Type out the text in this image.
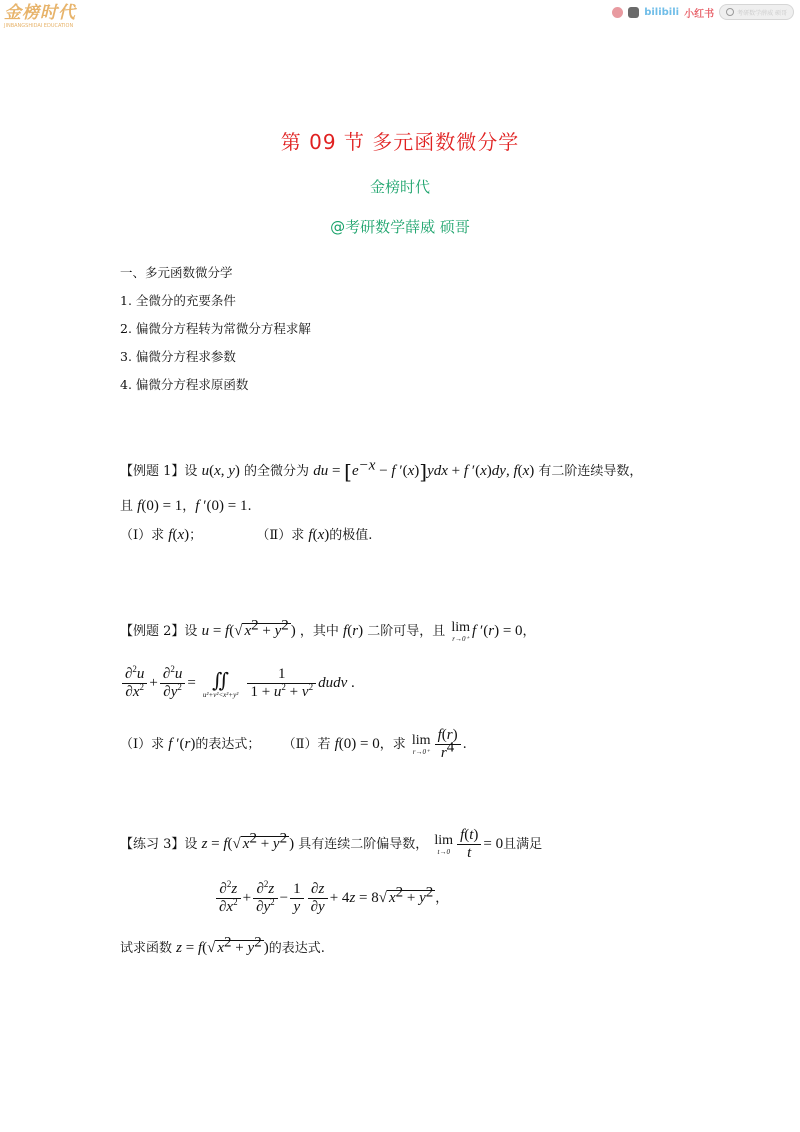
金榜时代
JINBANGSHIDAI EDUCATION
bilibili 小红书	考研数学薛威 硕哥
第 09 节 多元函数微分学
金榜时代
@考研数学薛威 硕哥
一、多元函数微分学
1. 全微分的充要条件
2. 偏微分方程转为常微分方程求解
3. 偏微分方程求参数
4. 偏微分方程求原函数
【例题 1】设 u(x, y) 的全微分为 du = [$e^{-x} - f$ ′(x)]ydx + f ′(x)dy, f(x) 有二阶连续导数，
且 f(0) = 1，f ′(0) = 1.
（Ⅰ）求 f(x)；	（Ⅱ）求 f(x)的极值.
【例题 2】设 u = f(√ $x^2 + y^2$ ) ，其中 f(r) 二阶可导，且 lim
r→0⁺ f ′(r) = 0，
$\frac{\partial^2u}{\partial x^2} + \frac{\partial^2u}{\partial y^2}$ = ∬
u²+v²<x²+y²
$\frac{1}{1 + u^2 + v^2}$ dudv .
（Ⅰ）求 f ′(r)的表达式； （Ⅱ）若 f(0) = 0，求 lim
$r\to 0^+ \frac{f(r)}{r^4}$ .
【练习 3】设 z = f(√ $x^2 + y^2$ ) 具有连续二阶偏导数， lim
$t\to 0 \frac{f(t)}{t} = 0$且满足
$\frac{\partial^2z}{\partial x^2} + \frac{\partial^2z}{\partial y^2} - \frac{1}{y} \frac{\partial z}{\partial y} + 4z = 8√$ $x^2 + y^2$ ，
试求函数 z = f(√ $x^2 + y^2$ )的表达式.
